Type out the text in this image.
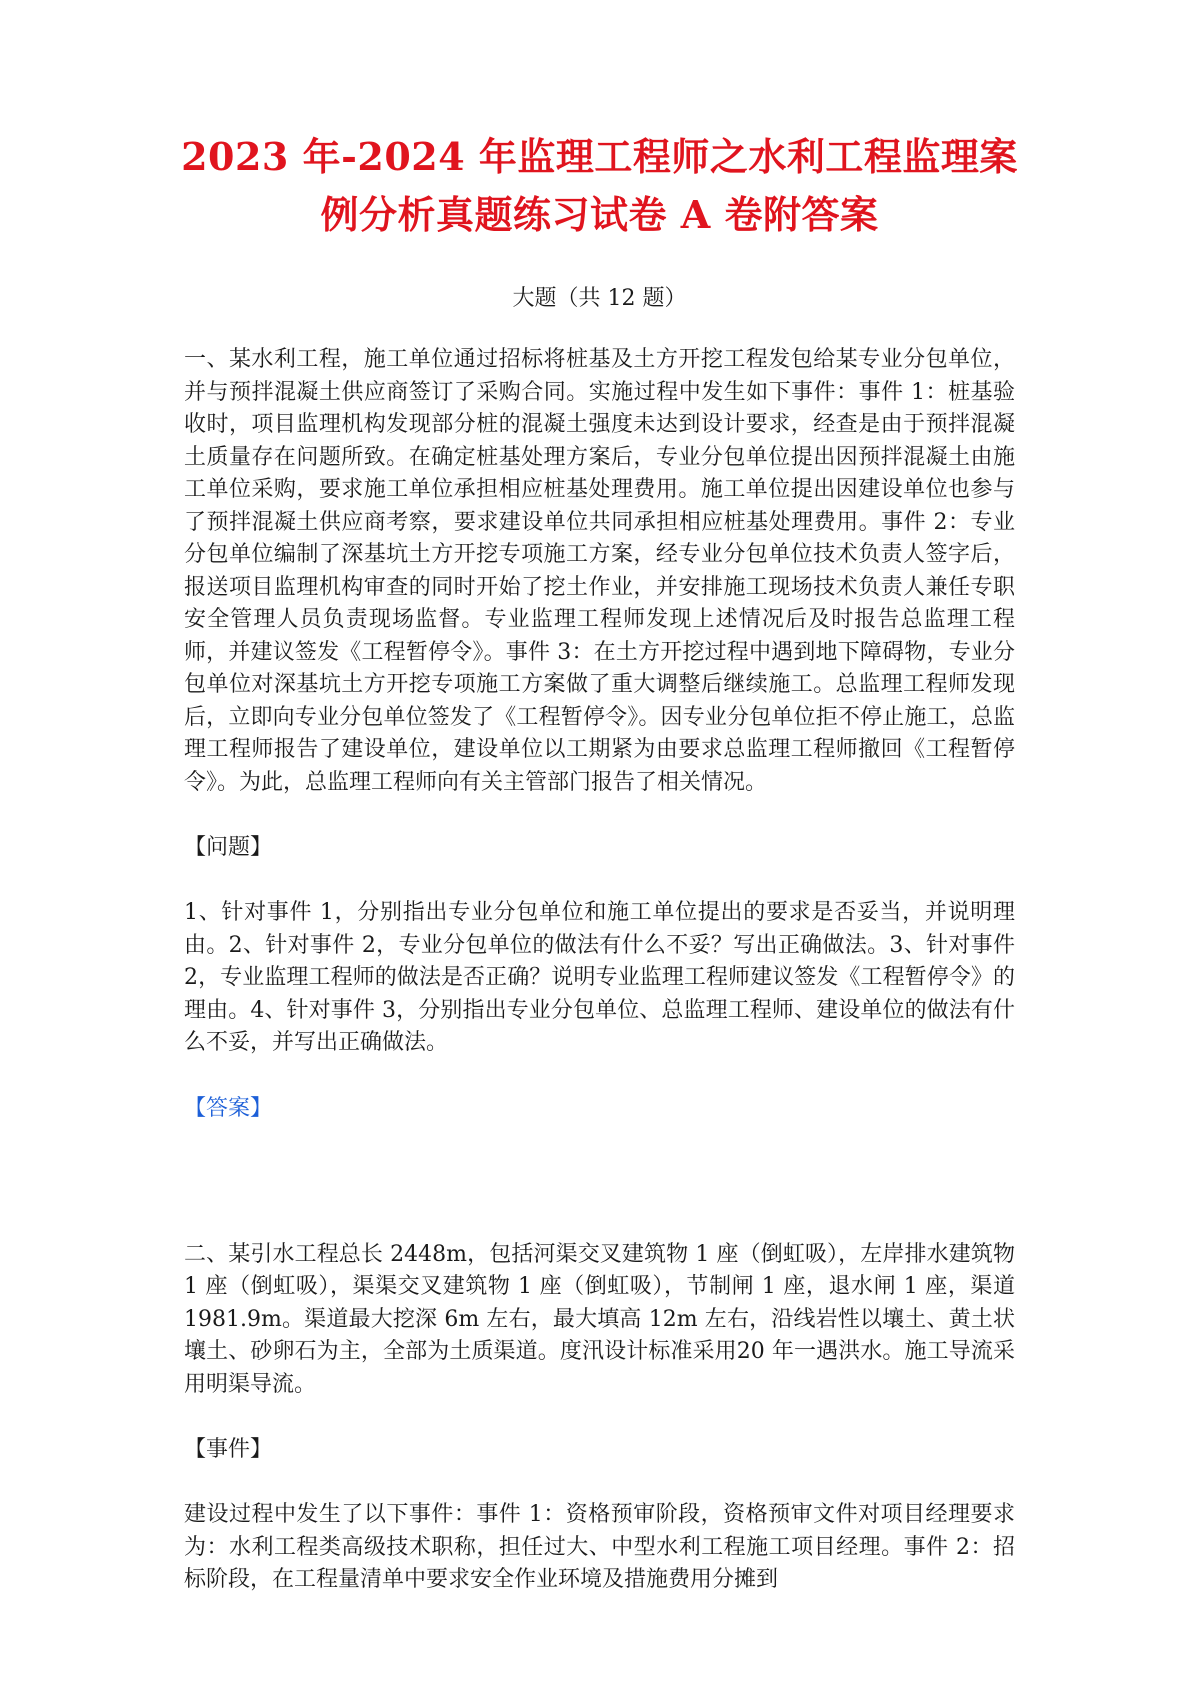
2023 年-2024 年监理工程师之水利工程监理案例分析真题练习试卷 A 卷附答案
大题（共 12 题）

一、某水利工程，施工单位通过招标将桩基及土方开挖工程发包给某专业分包单位，并与预拌混凝土供应商签订了采购合同。实施过程中发生如下事件：事件 1：桩基验收时，项目监理机构发现部分桩的混凝土强度未达到设计要求，经查是由于预拌混凝土质量存在问题所致。在确定桩基处理方案后，专业分包单位提出因预拌混凝土由施工单位采购，要求施工单位承担相应桩基处理费用。施工单位提出因建设单位也参与了预拌混凝土供应商考察，要求建设单位共同承担相应桩基处理费用。事件 2：专业分包单位编制了深基坑土方开挖专项施工方案，经专业分包单位技术负责人签字后，报送项目监理机构审查的同时开始了挖土作业，并安排施工现场技术负责人兼任专职安全管理人员负责现场监督。专业监理工程师发现上述情况后及时报告总监理工程师，并建议签发《工程暂停令》。事件 3：在土方开挖过程中遇到地下障碍物，专业分包单位对深基坑土方开挖专项施工方案做了重大调整后继续施工。总监理工程师发现后，立即向专业分包单位签发了《工程暂停令》。因专业分包单位拒不停止施工，总监理工程师报告了建设单位，建设单位以工期紧为由要求总监理工程师撤回《工程暂停令》。为此，总监理工程师向有关主管部门报告了相关情况。

【问题】

1、针对事件 1，分别指出专业分包单位和施工单位提出的要求是否妥当，并说明理由。2、针对事件 2，专业分包单位的做法有什么不妥？写出正确做法。3、针对事件 2，专业监理工程师的做法是否正确？说明专业监理工程师建议签发《工程暂停令》的理由。4、针对事件 3，分别指出专业分包单位、总监理工程师、建设单位的做法有什么不妥，并写出正确做法。

【答案】

二、某引水工程总长 2448m，包括河渠交叉建筑物 1 座（倒虹吸），左岸排水建筑物 1 座（倒虹吸），渠渠交叉建筑物 1 座（倒虹吸），节制闸 1 座，退水闸 1 座，渠道 1981.9m。渠道最大挖深 6m 左右，最大填高 12m 左右，沿线岩性以壤土、黄土状壤土、砂卵石为主，全部为土质渠道。度汛设计标准采用20 年一遇洪水。施工导流采用明渠导流。

【事件】

建设过程中发生了以下事件：事件 1：资格预审阶段，资格预审文件对项目经理要求为：水利工程类高级技术职称，担任过大、中型水利工程施工项目经理。事件 2：招标阶段，在工程量清单中要求安全作业环境及措施费用分摊到
